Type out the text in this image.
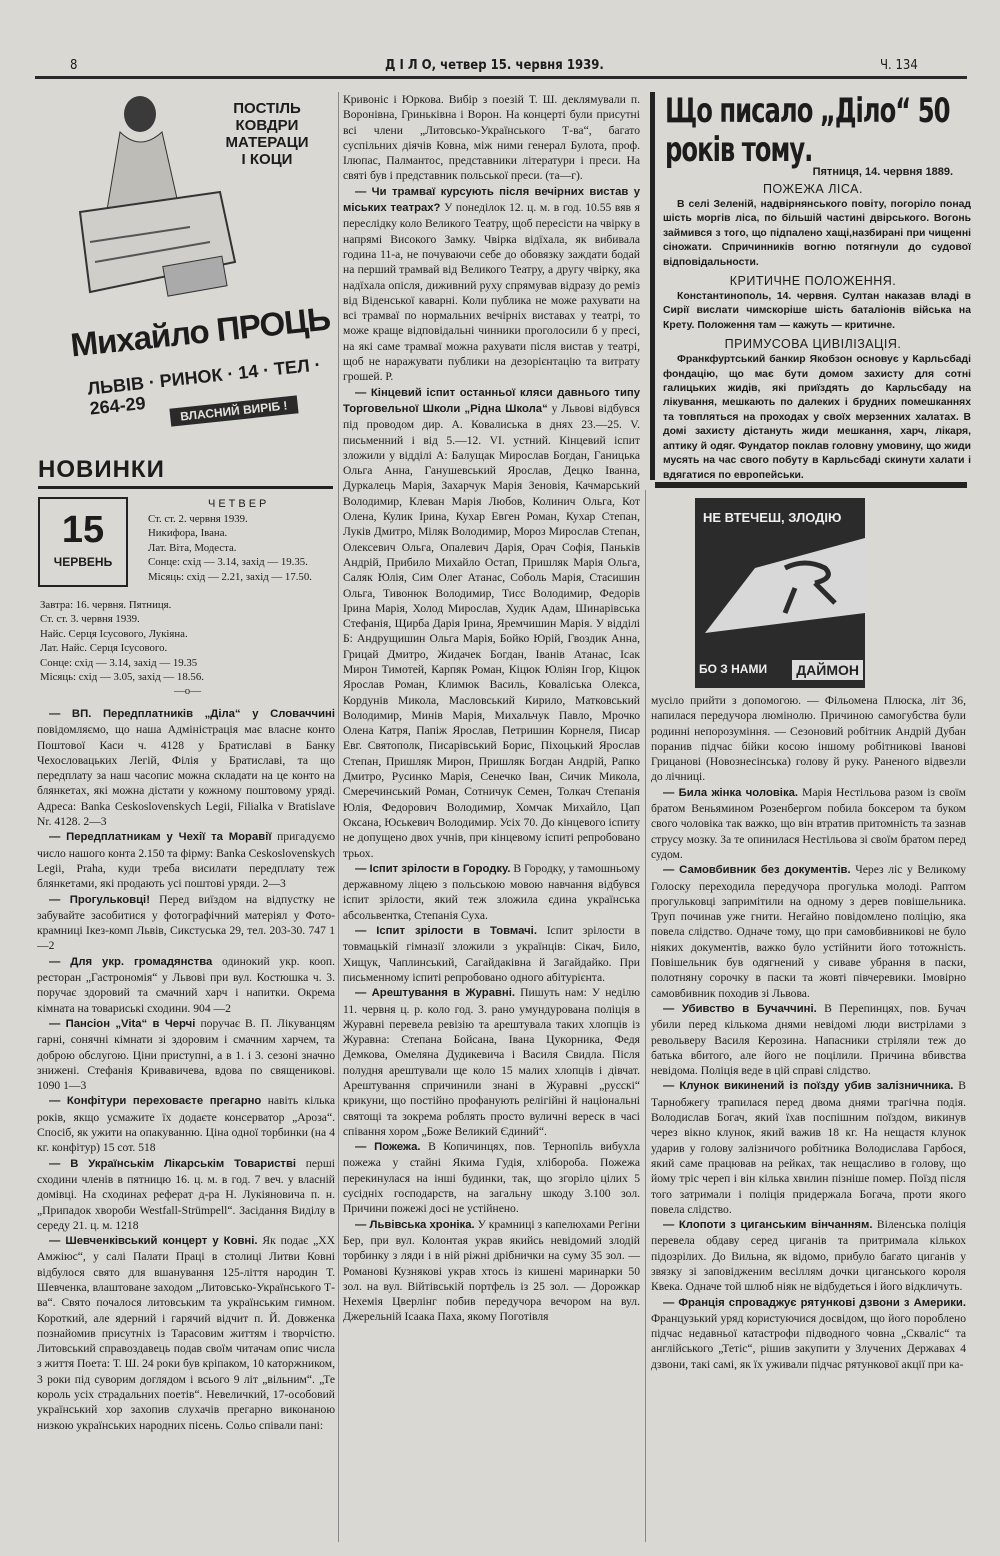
8	Д І Л О, четвер 15. червня 1939.	Ч. 134
ПОСТІЛЬ
КОВДРИ
МАТЕРАЦИ
І КОЦИ
Михайло ПРОЦЬ
ЛЬВІВ · РИНОК · 14 · ТЕЛ · 264-29	ВЛАСНИЙ ВИРІБ !
НОВИНКИ
15
ЧЕРВЕНЬ
ЧЕТВЕР
Ст. ст. 2. червня 1939.
Никифора, Івана.
Лат. Віта, Модеста.
Сонце: схід — 3.14, захід — 19.35.
Місяць: схід — 2.21, захід — 17.50.
Завтра: 16. червня. Пятниця.
Ст. ст. 3. червня 1939.
Найс. Серця Ісусового, Лукіяна.
Лат. Найс. Серця Ісусового.
Сонце: схід — 3.14, захід — 19.35
Місяць: схід — 3.05, захід — 18.56.
—о—

— ВП. Передплатників „Діла“ у Словаччині повідомляємо, що наша Адміністрація має власне конто Поштової Каси ч. 4128 у Братиславі в Банку Чехословацьких Легій, Філія у Братиславі, та що передплату за наш часопис можна складати на це конто на блянкетах, які можна дістати у кожному поштовому уряді. Адреса: Banka Ceskoslovenskych Legii, Filialka v Bratislave Nr. 4128. 2—3

— Передплатникам у Чехії та Моравії пригадуємо число нашого конта 2.150 та фірму: Banka Ceskoslovenskych Legii, Praha, куди треба висилати передплату теж блянкетами, які продають усі поштові уряди. 2—3

— Прогулькoвці! Перед виїздом на відпустку не забувайте засобитися у фотографічний матеріял у Фото-крамниці Ікез-комп Львів, Сикстуська 29, тел. 203-30. 747 1—2

— Для укр. громадянства одинокий укр. кооп. ресторан „Гастрономія“ у Львові при вул. Костюшка ч. 3. поручає здоровий та смачний харч і напитки. Окрема кімната на товариські сходини. 904 —2

— Пансіон „Vita“ в Черчі поручає В. П. Лікуванцям гарні, сонячні кімнати зі здоровим і смачним харчем, та доброю обслугою. Ціни приступні, а в 1. і 3. сезоні значно знижені. Стефанія Кривавичева, вдова по священикові. 1090 1—3

— Конфітури переховаєте прегарно навіть кілька років, якщо усмажите їх додаєте консерватор „Ароза“. Спосіб, як ужити на опакуванню. Ціна одної торбинки (на 4 кг. конфітур) 15 сот. 518

— В Українськім Лікарськім Товаристві перші сходини членів в пятницю 16. ц. м. в год. 7 веч. у власній домівці. На сходинах реферат д-ра Н. Лукіяновича п. н. „Припадок хвороби Westfall-Strümpell“. Засідання Виділу в середу 21. ц. м. 1218

— Шевченківський концерт у Ковні. Як подає „XX Амжіюс“, у салі Палати Праці в столиці Литви Ковні відбулося свято для вшанування 125-ліття народин Т. Шевченка, влаштоване заходом „Литовсько-Українського Т-ва“. Свято почалося литовським та українським гимном. Короткий, але ядерний і гарячий відчит п. Й. Довженка познайомив присутніх із Тарасовим життям і творчістю. Литовський справоздавець подав своїм читачам опис числа з життя Поета: Т. Ш. 24 роки був кріпаком, 10 каторжником, 3 роки під суворим доглядом і всього 9 літ „вільним“. „Те король усіх страдальних поетів“. Невеличкий, 17-особовий український хор захопив слухачів прегарно виконаною низкою українських народних пісень. Сольо співали пані:

Кривоніс і Юркова. Вибір з поезій Т. Ш. деклямували п. Воронівна, Гриньківна і Ворон. На концерті були присутні всі члени „Литовсько-Українського Т-ва“, багато суспільних діячів Ковна, між ними генерал Булота, проф. Ілюпас, Палмантос, представники літератури і преси. На святі був і представник польської преси. (та—г).

— Чи трамваї курсують після вечірних вистав у міських театрах? У понеділок 12. ц. м. в год. 10.55 вяв я переслідку коло Великого Театру, щоб пересісти на чвірку в напрямі Високого Замку. Чвірка відїхала, як вибивала година 11-а, не почуваючи себе до обовязку заждати бодай на перший трамвай від Великого Театру, а другу чвірку, яка надїхала опісля, диживний руху спрямував відразу до реміз від Віденської каварні. Коли публика не може рахувати на всі трамваї по нормальних вечірніх виставах у театрі, то може краще відповідальні чинники проголосили б у пресі, на які саме трамваї можна рахувати після вистав у театрі, щоб не наражувати публики на дезорієнтацію та витрату грошей. Р.

— Кінцевий іспит останньої кляси давнього типу Торговельної Школи „Рідна Школа“ у Львові відбувся під проводом дир. А. Ковалиська в днях 23.—25. V. письменний і від 5.—12. VI. устний. Кінцевий іспит зложили у відділі А: Балущак Мирослав Богдан, Ганицька Ольга Анна, Ганушевський Ярослав, Децко Іванна, Дуркалець Марія, Захарчук Марія Зеновія, Качмарський Володимир, Клеван Марія Любов, Колинич Ольга, Кот Олена, Кулик Ірина, Кухар Евген Роман, Кухар Степан, Луків Дмитро, Міляк Володимир, Мороз Мирослав Степан, Олексевич Ольга, Опалевич Дарія, Орач Софія, Паньків Андрій, Прибило Михайло Остап, Пришляк Марія Ольга, Саляк Юлія, Сим Олег Атанас, Соболь Марія, Стасишин Ольга, Тивонюк Володимир, Тисс Володимир, Федорів Ірина Марія, Холод Мирослав, Худик Адам, Шинарівська Стефанія, Щирба Дарія Ірина, Яремчишин Марія. У відділі Б: Андрущишин Ольга Марія, Бойко Юрій, Гвоздик Анна, Грицай Дмитро, Жидачек Богдан, Іванів Атанас, Ісак Мирон Тимотей, Карпяк Роман, Кіцюк Юліян Ігор, Кіцюк Ярослав Роман, Климюк Василь, Коваліська Олекса, Кордунів Микола, Масловський Кирило, Матковський Володимир, Минів Марія, Михальчук Павло, Мрочко Олена Катря, Папіж Ярослав, Петришин Корнеля, Писар Евг. Святополк, Писарівський Борис, Піхоцький Ярослав Степан, Пришляк Мирон, Пришляк Богдан Андрій, Рапко Дмитро, Русинко Марія, Сенечко Іван, Сичик Микола, Смеречинський Роман, Сотничук Семен, Толкач Степанія Юлія, Федорович Володимир, Хомчак Михайло, Цап Оксана, Юськевич Володимир. Усіх 70. До кінцевого іспиту не допущено двох учнів, при кінцевому іспиті репробовано трьох.

— Іспит зрілости в Городку. В Городку, у тамошньому державному ліцею з польською мовою навчання відбувся іспит зрілости, який теж зложила єдина українська абсольвентка, Степанія Суха.

— Іспит зрілости в Товмачі. Іспит зрілости в товмацькій гімназії зложили з українців: Сікач, Било, Хищук, Чаплинський, Сагайдаківна й Загайдайко. При письменному іспиті репробовано одного абітурієнта.

— Арештування в Журавні. Пишуть нам: У неділю 11. червня ц. р. коло год. 3. рано умундурована поліція в Журавні перевела ревізію та арештувала таких хлопців із Журавна: Степана Бойсана, Івана Цукорника, Федя Демкова, Омеляна Дудикевича і Василя Свидла. Після полудня арештували ще коло 15 малих хлопців і дівчат. Арештування спричинили знані в Журавні „русскі“ крикуни, що постійно профанують релігійні й національні святощі та зокрема роблять просто вуличні вереск в часі співання хором „Боже Великий Єдиний“.

— Пожежа. В Копичинцях, пов. Тернопіль вибухла пожежа у стайні Якима Гудія, хлібороба. Пожежа перекинулася на інші будинки, так, що згоріло цілих 5 сусідніх господарств, на загальну шкоду 3.100 зол. Причини пожежі досі не устійнено.

— Львівська хроніка. У крамниці з капелюхами Регіни Бер, при вул. Колонтая украв якийсь невідомий злодій торбинку з ляди і в ній ріжні дрібнички на суму 35 зол. — Романові Кузнякові украв хтось із кишені маринарки 50 зол. на вул. Війтівській портфель із 25 зол. — Дорожкар Нехемія Цверлінг побив передучора вечором на вул. Джерельній Ісаака Паха, якому Поготівля

Що писало „Діло“ 50 років тому.
Пятниця, 14. червня 1889.
ПОЖЕЖА ЛІСА.

В селі Зеленій, надвірнянського повіту, погоріло понад шість моргів ліса, по більшій частині двірського. Вогонь займився з того, що підпалено хащі,назбирані при чищенні сіножати. Спричинників вогню потягнули до судової відповідальности.

КРИТИЧНЕ ПОЛОЖЕННЯ.

Константинополь, 14. червня. Султан наказав владі в Сирії вислати чимскоріше шість баталіонів війська на Крету. Положення там — кажуть — критичне.

ПРИМУСОВА ЦИВІЛІЗАЦІЯ.

Франкфуртський банкир Якобзон основує у Карльсбаді фондацію, що має бути домом захисту для сотні галицьких жидів, які приїздять до Карльсбаду на лікування, мешкають по далеких і брудних помешканнях та товпляться на проходах у своїх мерзенних халатах. В домі захисту дістануть жиди мешкання, харч, лікаря, аптику й одяг. Фундатор поклав головну умовину, що жиди мусять на час свого побуту в Карльсбаді скинути халати і вдягатися по европейськи.

НЕ ВТЕЧЕШ, ЗЛОДІЮ
БО З НАМИ ДАЙМОН

мусіло прийти з допомогою. — Фільомена Плюска, літ 36, напилася передучора люмінолю. Причиною самогубства були родинні непорозуміння. — Сезоновий робітник Андрій Дубан поранив підчас бійки косою іншому робітникові Іванові Грицанові (Новознесінська) голову й руку. Раненого відвезли до лічниці.

— Била жінка чоловіка. Марія Нестільова разом із своїм братом Веньямином Розенбергом побила боксером та буком свого чоловіка так важко, що він втратив притомність та зазнав струсу мозку. За те опинилася Нестільова зі своїм братом перед судом.

— Самовбивник без документів. Через ліс у Великому Голоску переходила передучора прогулька молоді. Раптом прогульковці запримітили на одному з дерев повішельника. Труп починав уже гнити. Негайно повідомлено поліцію, яка повела слідство. Одначе тому, що при самовбивникові не було ніяких документів, важко було устійнити його тотожність. Повішельник був одягнений у сиваве убрання в паски, полотняну сорочку в паски та жовті півчеревики. Імовірно самовбивник походив зі Львова.

— Убивство в Бучаччині. В Перепинцях, пов. Бучач убили перед кількома днями невідомі люди вистрілами з револьверу Василя Керозина. Напасники стріляли теж до батька вбитого, але його не поцілили. Причина вбивства невідома. Поліція веде в цій справі слідство.

— Клунок викинений із поїзду убив залізничника. В Тарнобжегу трапилася перед двома днями трагічна подія. Володислав Богач, який їхав поспішним поїздом, викинув через вікно клунок, який важив 18 кг. На нещастя клунок ударив у голову залізничого робітника Володислава Гарбося, який саме працював на рейках, так нещасливо в голову, що йому тріс череп і він кілька хвилин пізніше помер. Поїзд після того затримали і поліція придержала Богача, проти якого повела слідство.

— Клопоти з циганським вінчанням. Віленська поліція перевела обдаву серед циганів та притримала кількох підозрілих. До Вильна, як відомо, прибуло багато циганів у звязку зі заповідженим весіллям дочки циганського короля Квека. Одначе той шлюб ніяк не відбудеться і його відкличуть.

— Франція спроваджує рятункові дзвони з Америки. Французький уряд користуючися досвідом, що його пороблено підчас недавньої катастрофи підводного човна „Скваліс“ та англійського „Тетіс“, рішив закупити у Злучених Державах 4 дзвони, такі самі, як їх уживали підчас рятункової акції при ка-
